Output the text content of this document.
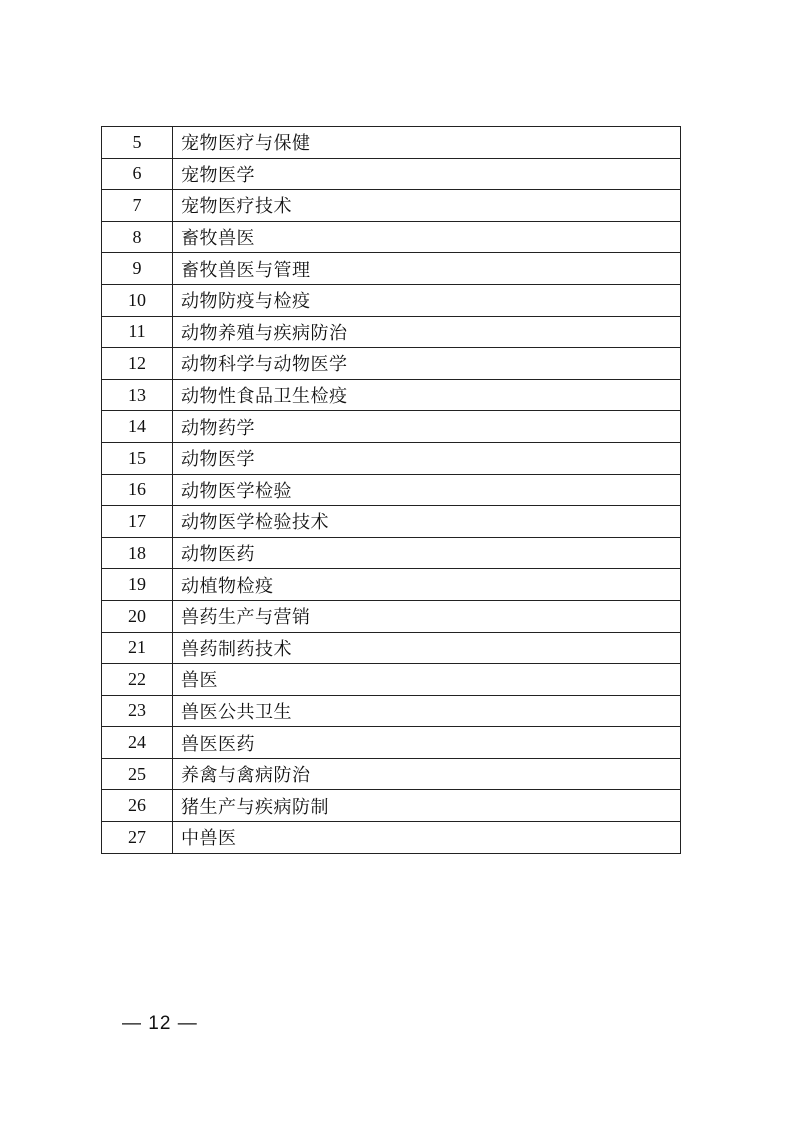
5	宠物医疗与保健
6	宠物医学
7	宠物医疗技术
8	畜牧兽医
9	畜牧兽医与管理
10	动物防疫与检疫
11	动物养殖与疾病防治
12	动物科学与动物医学
13	动物性食品卫生检疫
14	动物药学
15	动物医学
16	动物医学检验
17	动物医学检验技术
18	动物医药
19	动植物检疫
20	兽药生产与营销
21	兽药制药技术
22	兽医
23	兽医公共卫生
24	兽医医药
25	养禽与禽病防治
26	猪生产与疾病防制
27	中兽医
— 12 —
